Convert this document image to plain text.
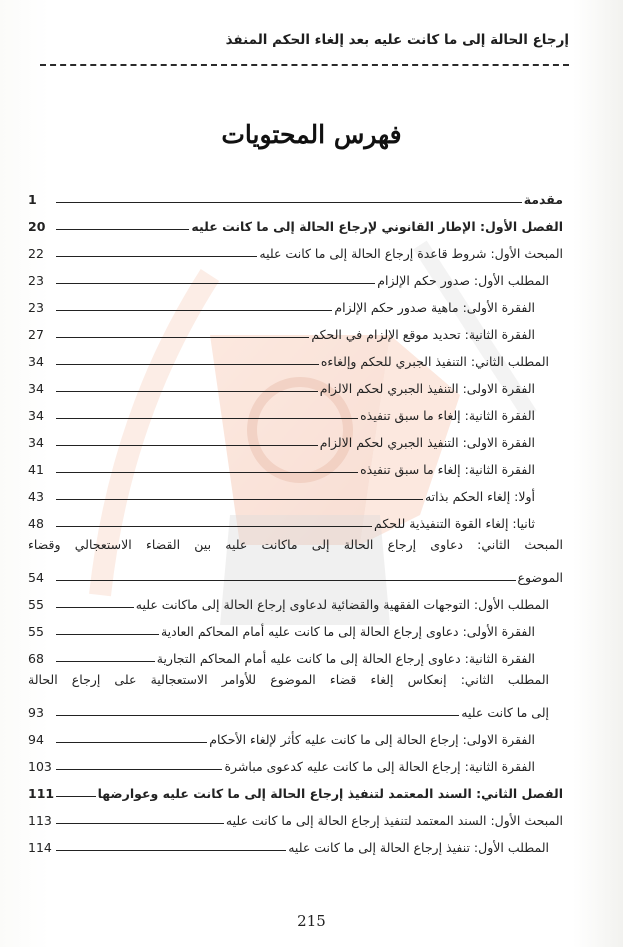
إرجاع الحالة إلى ما كانت عليه بعد إلغاء الحكم المنفذ
فهرس المحتويات
مقدمة
1
الفصل الأول: الإطار القانوني لإرجاع الحالة إلى ما كانت عليه
20
المبحث الأول: شروط قاعدة إرجاع الحالة إلى ما كانت عليه
22
المطلب الأول: صدور حكم الإلزام
23
الفقرة الأولى: ماهية صدور حكم الإلزام
23
الفقرة الثانية: تحديد موقع الإلزام في الحكم
27
المطلب الثاني: التنفيذ الجبري للحكم وإلغاءه
34
الفقرة الاولى: التنفيذ الجبري لحكم الالزام
34
الفقرة الثانية: إلغاء ما سبق تنفيذه
34
الفقرة الاولى: التنفيذ الجبري لحكم الالزام
34
الفقرة الثانية: إلغاء ما سبق تنفيذه
41
أولا: إلغاء الحكم بذاته
43
ثانيا: إلغاء القوة التنفيذية للحكم
48
المبحث الثاني: دعاوى إرجاع الحالة إلى ماكانت عليه بين القضاء الاستعجالي وقضاء
الموضوع
54
المطلب الأول: التوجهات الفقهية والقضائية لدعاوى إرجاع الحالة إلى ماكانت عليه
55
الفقرة الأولى: دعاوى إرجاع الحالة إلى ما كانت عليه أمام المحاكم العادية
55
الفقرة الثانية: دعاوى إرجاع الحالة إلى ما كانت عليه أمام المحاكم التجارية
68
المطلب الثاني: إنعكاس إلغاء قضاء الموضوع للأوامر الاستعجالية على إرجاع الحالة
إلى ما كانت عليه
93
الفقرة الاولى: إرجاع الحالة إلى ما كانت عليه كأثر لإلغاء الأحكام
94
الفقرة الثانية: إرجاع الحالة إلى ما كانت عليه كدعوى مباشرة
103
الفصل الثاني: السند المعتمد لتنفيذ إرجاع الحالة إلى ما كانت عليه وعوارضها
111
المبحث الأول: السند المعتمد لتنفيذ إرجاع الحالة إلى ما كانت عليه
113
المطلب الأول: تنفيذ إرجاع الحالة إلى ما كانت عليه
114
215
